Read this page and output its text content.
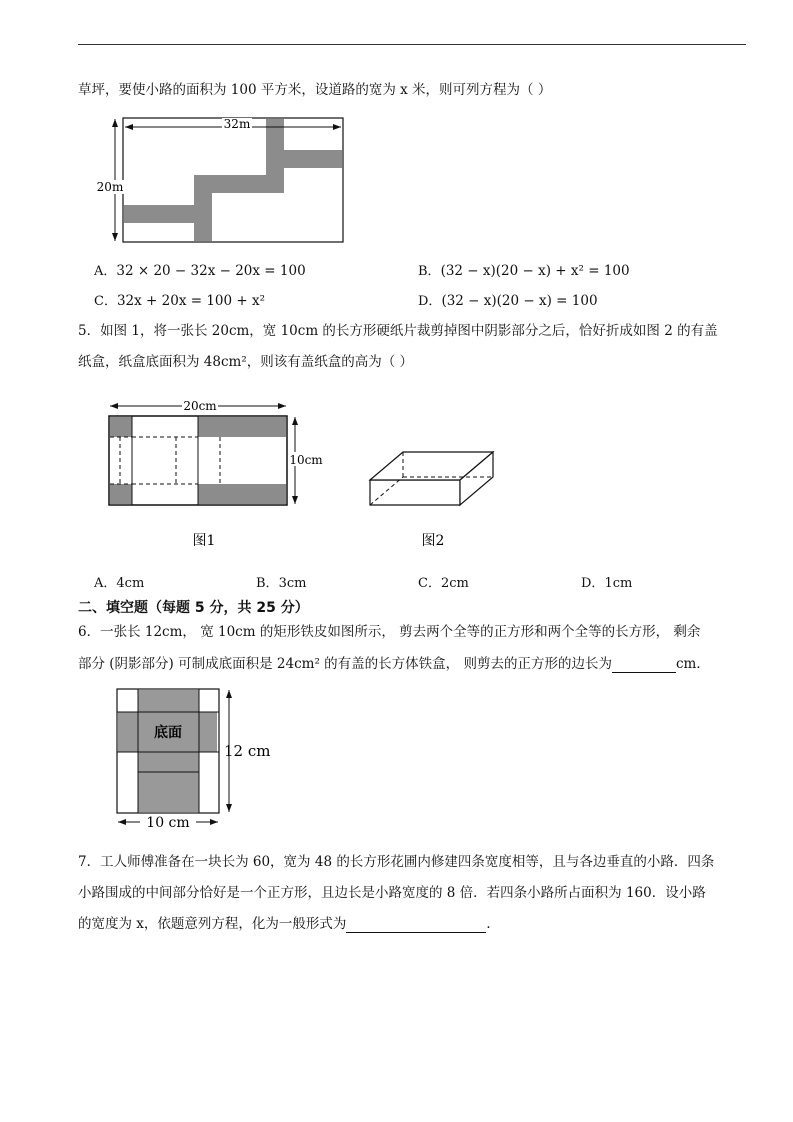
草坪，要使小路的面积为 100 平方米，设道路的宽为 x 米，则可列方程为（ ）
32m
20m
A．32 × 20 − 32x − 20x = 100	B．(32 − x)(20 − x) + x² = 100
C．32x + 20x = 100 + x²	D．(32 − x)(20 − x) = 100
5．如图 1，将一张长 20cm，宽 10cm 的长方形硬纸片裁剪掉图中阴影部分之后，恰好折成如图 2 的有盖
纸盒，纸盒底面积为 48cm²，则该有盖纸盒的高为（ ）
20cm
10cm
图1	图2
A．4cm	B．3cm	C．2cm	D．1cm
二、填空题（每题 5 分，共 25 分）
6．一张长 12cm， 宽 10cm 的矩形铁皮如图所示， 剪去两个全等的正方形和两个全等的长方形， 剩余
部分 (阴影部分) 可制成底面积是 24cm² 的有盖的长方体铁盒， 则剪去的正方形的边长为	cm．
底面
12 cm
10 cm
7．工人师傅准备在一块长为 60，宽为 48 的长方形花圃内修建四条宽度相等，且与各边垂直的小路．四条
小路围成的中间部分恰好是一个正方形，且边长是小路宽度的 8 倍．若四条小路所占面积为 160．设小路
的宽度为 x，依题意列方程，化为一般形式为	．
